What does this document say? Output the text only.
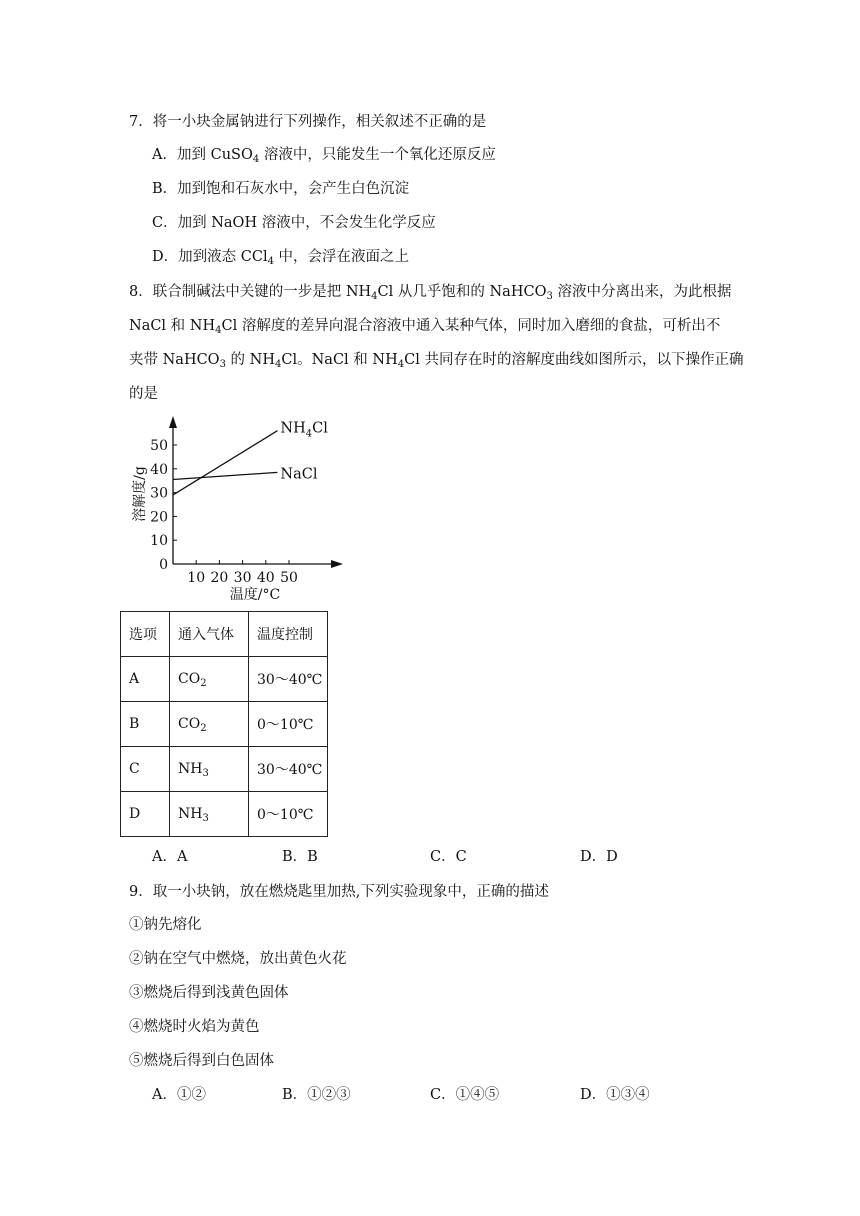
7．将一小块金属钠进行下列操作，相关叙述不正确的是
A．加到 CuSO$_4$ 溶液中，只能发生一个氧化还原反应
B．加到饱和石灰水中，会产生白色沉淀
C．加到 NaOH 溶液中，不会发生化学反应
D．加到液态 CCl$_4$ 中，会浮在液面之上
8．联合制碱法中关键的一步是把 $NH_4Cl$ 从几乎饱和的 NaHCO$_3$ 溶液中分离出来，为此根据
NaCl 和 $NH_4Cl$ 溶解度的差异向混合溶液中通入某种气体，同时加入磨细的食盐，可析出不
夹带 NaHCO$_3$ 的 $NH_4Cl$。NaCl 和 $NH_4Cl$ 共同存在时的溶解度曲线如图所示，以下操作正确
的是
0
10
20
30
40
50
10 20 30 40 50
温度/°C
溶解度/g
$NH_4Cl$
NaCl
选项	通入气体	温度控制
A	$CO_2$	30～40℃
B	$CO_2$	0～10℃
C	$NH_3$	30～40℃
D	$NH_3$	0～10℃
A．A	B．B	C．C	D．D
9．取一小块钠，放在燃烧匙里加热,下列实验现象中，正确的描述
①钠先熔化
②钠在空气中燃烧，放出黄色火花
③燃烧后得到浅黄色固体
④燃烧时火焰为黄色
⑤燃烧后得到白色固体
A．①②	B．①②③	C．①④⑤	D．①③④
